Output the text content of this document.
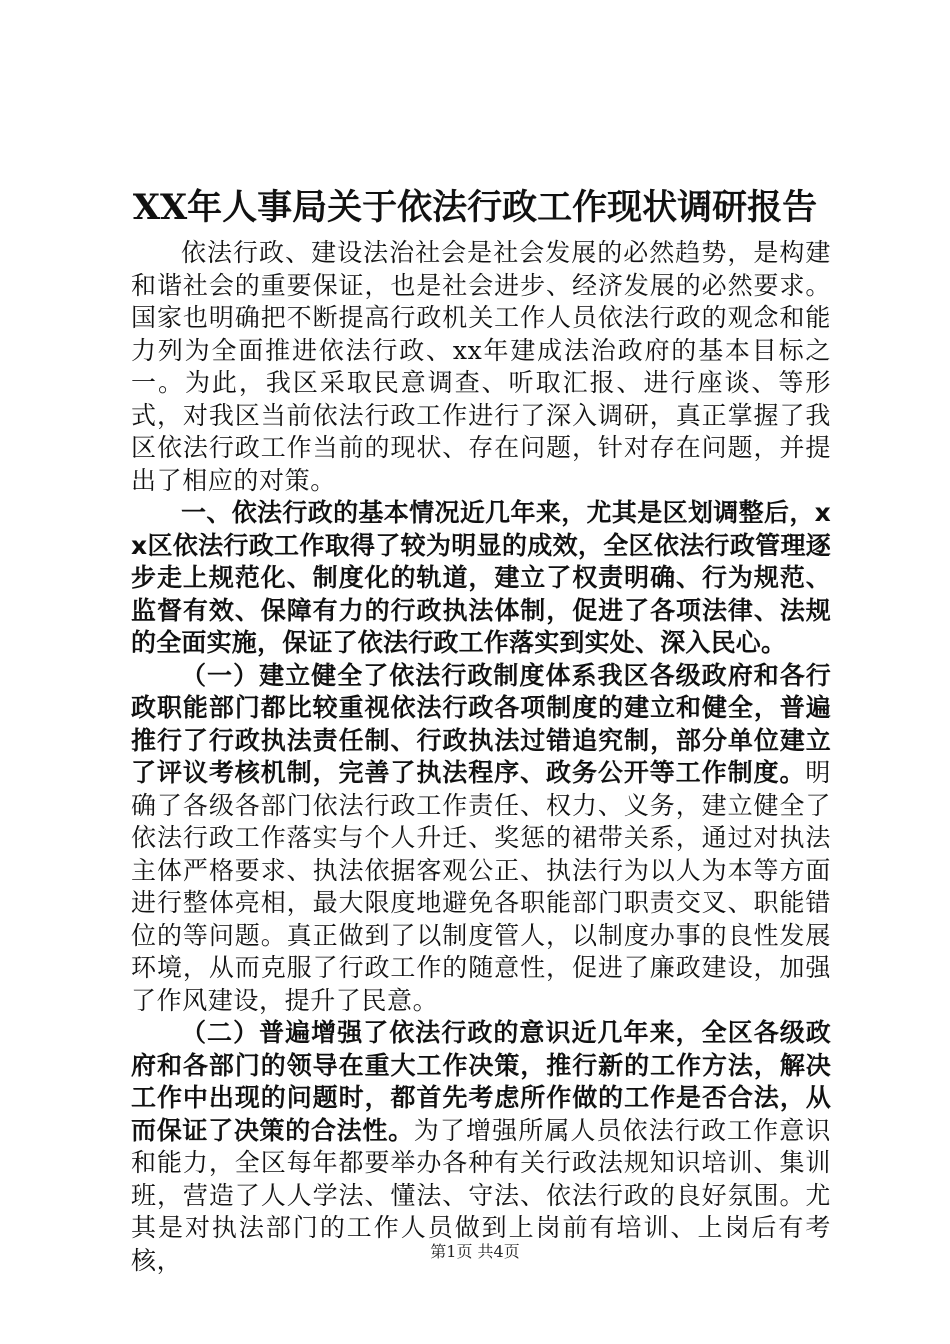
XX年人事局关于依法行政工作现状调研报告

依法行政、建设法治社会是社会发展的必然趋势，是构建和谐社会的重要保证，也是社会进步、经济发展的必然要求。国家也明确把不断提高行政机关工作人员依法行政的观念和能力列为全面推进依法行政、xx年建成法治政府的基本目标之一。为此，我区采取民意调查、听取汇报、进行座谈、等形式，对我区当前依法行政工作进行了深入调研，真正掌握了我区依法行政工作当前的现状、存在问题，针对存在问题，并提出了相应的对策。

一、依法行政的基本情况近几年来，尤其是区划调整后，xx区依法行政工作取得了较为明显的成效，全区依法行政管理逐步走上规范化、制度化的轨道，建立了权责明确、行为规范、监督有效、保障有力的行政执法体制，促进了各项法律、法规的全面实施，保证了依法行政工作落实到实处、深入民心。

（一）建立健全了依法行政制度体系我区各级政府和各行政职能部门都比较重视依法行政各项制度的建立和健全，普遍推行了行政执法责任制、行政执法过错追究制，部分单位建立了评议考核机制，完善了执法程序、政务公开等工作制度。明确了各级各部门依法行政工作责任、权力、义务，建立健全了依法行政工作落实与个人升迁、奖惩的裙带关系，通过对执法主体严格要求、执法依据客观公正、执法行为以人为本等方面进行整体亮相，最大限度地避免各职能部门职责交叉、职能错位的等问题。真正做到了以制度管人，以制度办事的良性发展环境，从而克服了行政工作的随意性，促进了廉政建设，加强了作风建设，提升了民意。

（二）普遍增强了依法行政的意识近几年来，全区各级政府和各部门的领导在重大工作决策，推行新的工作方法，解决工作中出现的问题时，都首先考虑所作做的工作是否合法，从而保证了决策的合法性。为了增强所属人员依法行政工作意识和能力，全区每年都要举办各种有关行政法规知识培训、集训班，营造了人人学法、懂法、守法、依法行政的良好氛围。尤其是对执法部门的工作人员做到上岗前有培训、上岗后有考核，	第1页 共4页
